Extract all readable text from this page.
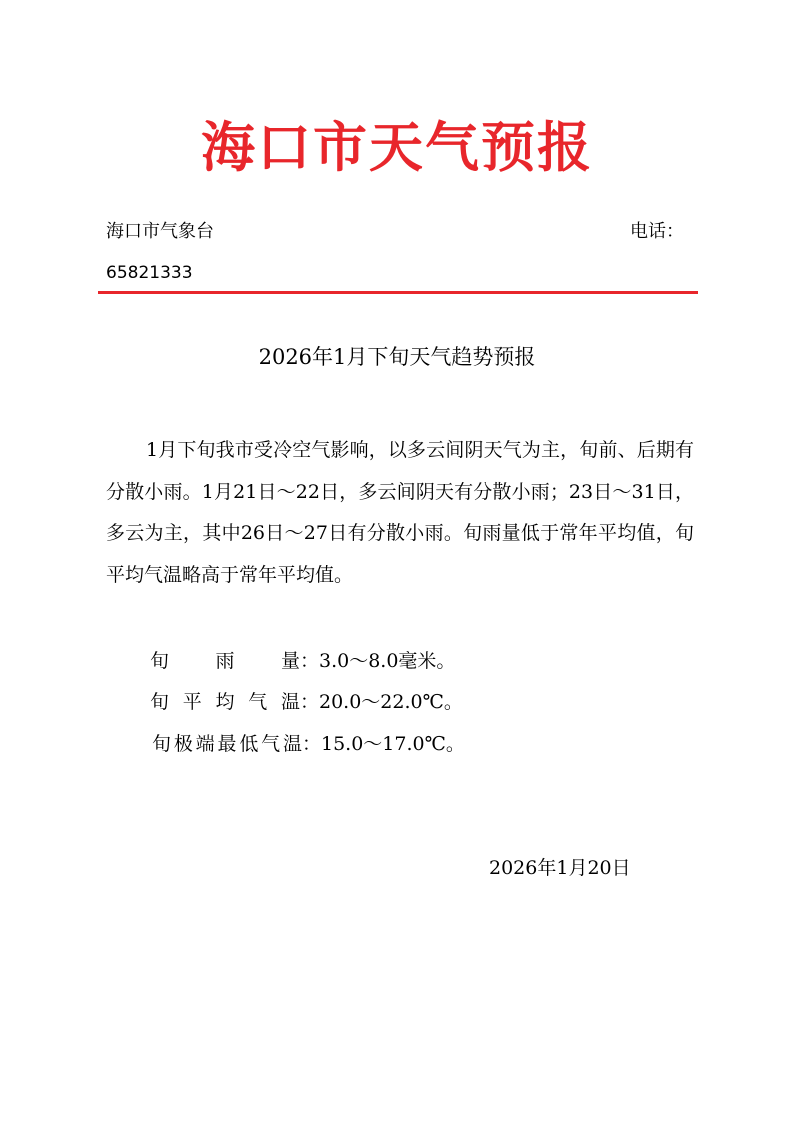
海口市天气预报
海口市气象台	电话：
65821333
2026年1月下旬天气趋势预报

1月下旬我市受冷空气影响，以多云间阴天气为主，旬前、后期有分散小雨。1月21日～22日，多云间阴天有分散小雨；23日～31日，多云为主，其中26日～27日有分散小雨。旬雨量低于常年平均值，旬平均气温略高于常年平均值。

旬雨量：3.0～8.0毫米。
旬平均气温：20.0～22.0℃。
旬极端最低气温：15.0～17.0℃。
2026年1月20日
